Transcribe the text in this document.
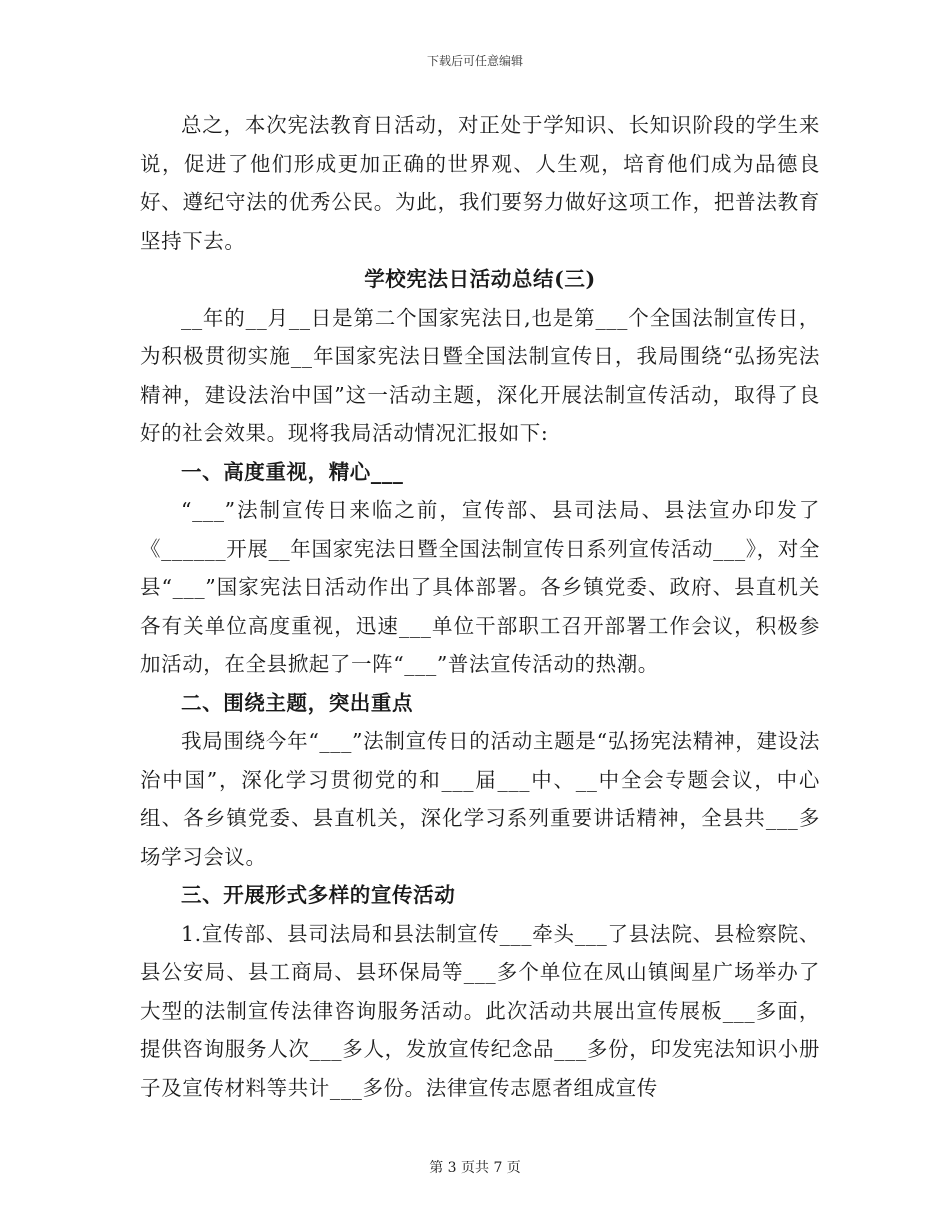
下载后可任意编辑

总之，本次宪法教育日活动，对正处于学知识、长知识阶段的学生来说，促进了他们形成更加正确的世界观、人生观，培育他们成为品德良好、遵纪守法的优秀公民。为此，我们要努力做好这项工作，把普法教育坚持下去。

学校宪法日活动总结(三)

__年的__月__日是第二个国家宪法日,也是第___个全国法制宣传日，为积极贯彻实施__年国家宪法日暨全国法制宣传日，我局围绕“弘扬宪法精神，建设法治中国”这一活动主题，深化开展法制宣传活动，取得了良好的社会效果。现将我局活动情况汇报如下:

一、高度重视，精心___

“___”法制宣传日来临之前，宣传部、县司法局、县法宣办印发了《______开展__年国家宪法日暨全国法制宣传日系列宣传活动___》，对全县“___”国家宪法日活动作出了具体部署。各乡镇党委、政府、县直机关各有关单位高度重视，迅速___单位干部职工召开部署工作会议，积极参加活动，在全县掀起了一阵“___”普法宣传活动的热潮。

二、围绕主题，突出重点

我局围绕今年“___”法制宣传日的活动主题是“弘扬宪法精神，建设法治中国”，深化学习贯彻党的和___届___中、__中全会专题会议，中心组、各乡镇党委、县直机关，深化学习系列重要讲话精神，全县共___多场学习会议。

三、开展形式多样的宣传活动

1.宣传部、县司法局和县法制宣传___牵头___了县法院、县检察院、县公安局、县工商局、县环保局等___多个单位在凤山镇闽星广场举办了大型的法制宣传法律咨询服务活动。此次活动共展出宣传展板___多面，提供咨询服务人次___多人，发放宣传纪念品___多份，印发宪法知识小册子及宣传材料等共计___多份。法律宣传志愿者组成宣传

第 3 页共 7 页
